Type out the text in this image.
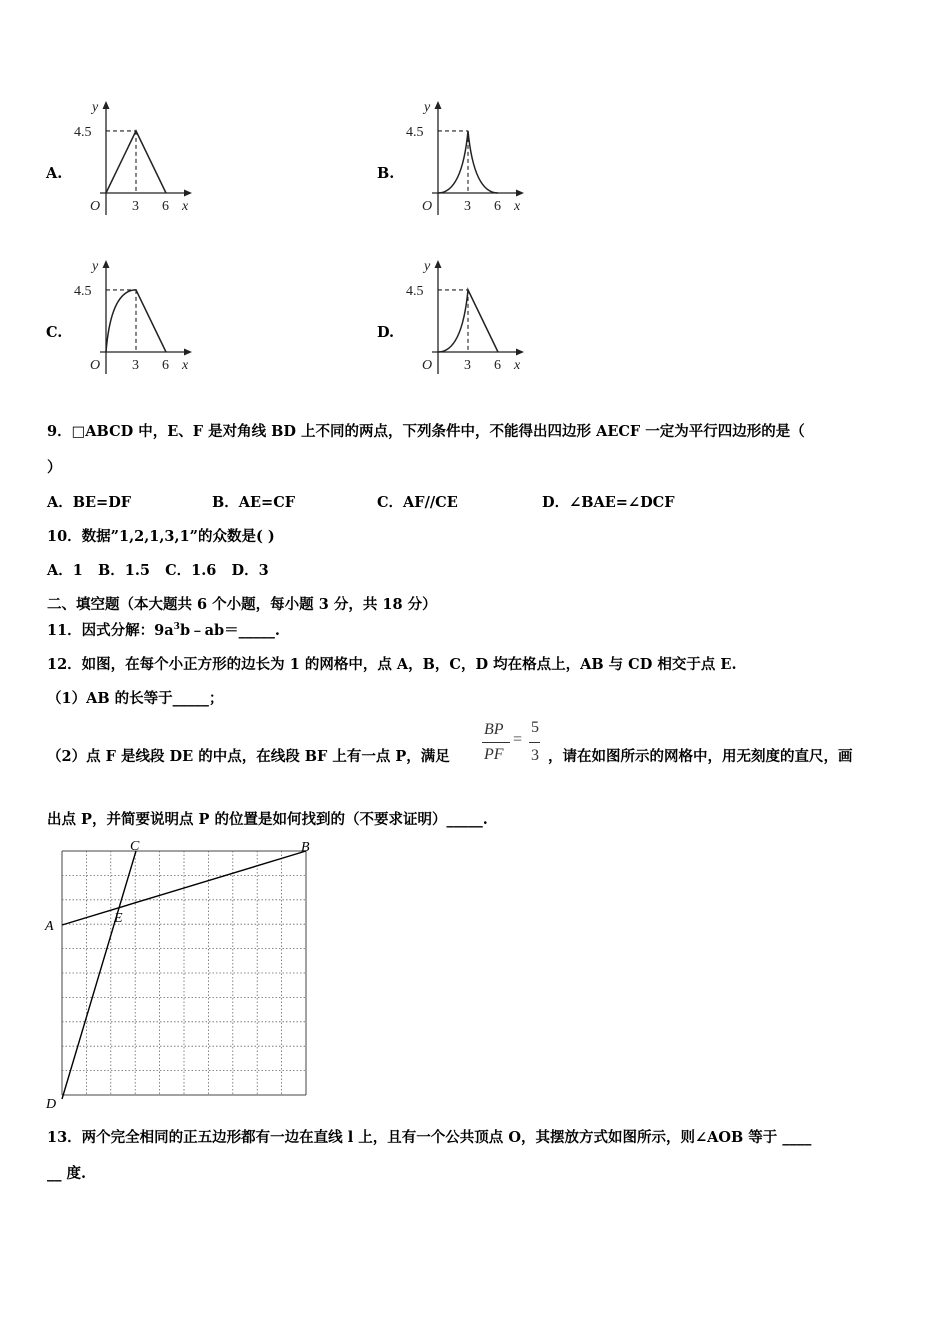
A.
4.5
3 6
O	x
y
B.
4.5
3 6
O	x
y
C.
4.5
3 6
O	x
y
D.
4.5
3 6
O	x
y
9．□ABCD 中，E、F 是对角线 BD 上不同的两点，下列条件中，不能得出四边形 AECF 一定为平行四边形的是（
）
A．BE=DF	B．AE=CF	C．AF//CE	D．∠BAE=∠DCF
10．数据”1,2,1,3,1”的众数是( )
A．1   B．1.5   C．1.6   D．3
二、填空题（本大题共 6 个小题，每小题 3 分，共 18 分）
11．因式分解：$9a^3b﹣ab=\_\_\_\_\_$.
12．如图，在每个小正方形的边长为 1 的网格中，点 A，B，C，D 均在格点上，AB 与 CD 相交于点 E.
（1）AB 的长等于_____；
（2）点 F 是线段 DE 的中点，在线段 BF 上有一点 P，满足
BP
PF
=
5
3 ，请在如图所示的网格中，用无刻度的直尺，画
出点 P，并简要说明点 P 的位置是如何找到的（不要求证明）_____.
A
B
C
D
E
13．两个完全相同的正五边形都有一边在直线 l 上，且有一个公共顶点 O，其摆放方式如图所示，则∠AOB 等于 ____
__ 度.
